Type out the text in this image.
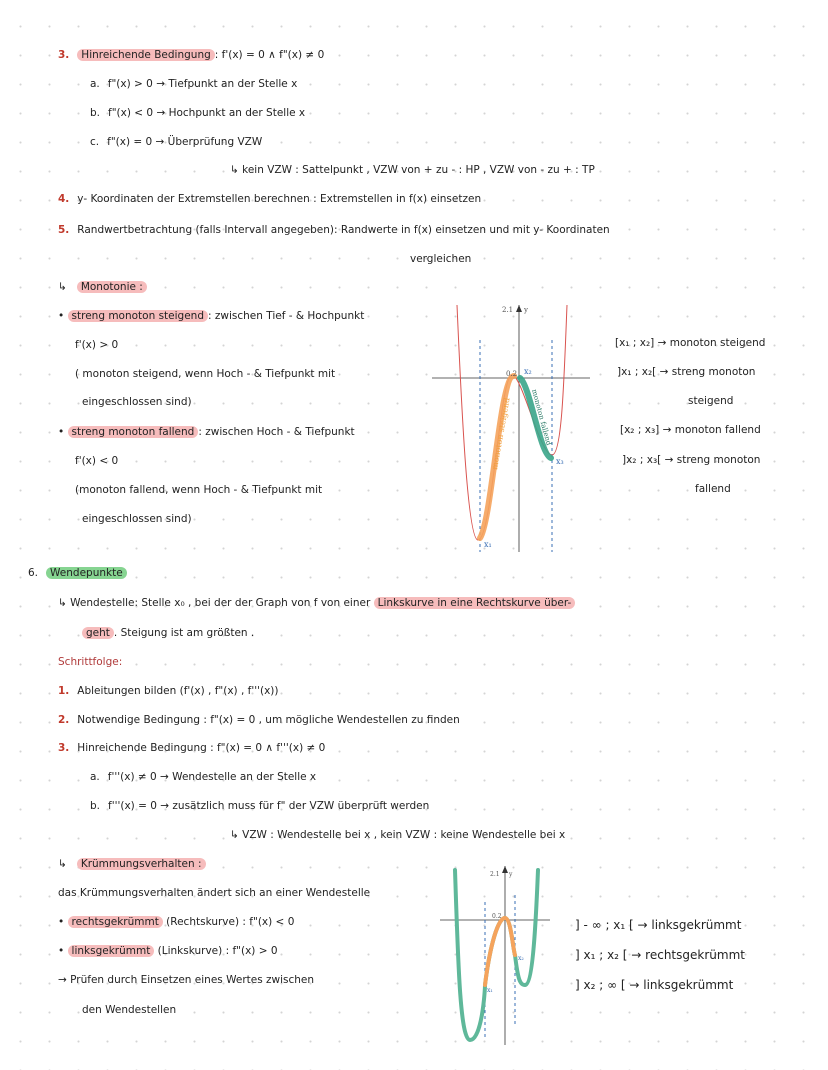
3. Hinreichende Bedingung : f'(x) = 0 ∧ f"(x) ≠ 0
a. f"(x) > 0 → Tiefpunkt an der Stelle x
b. f"(x) < 0 → Hochpunkt an der Stelle x
c. f"(x) = 0 → Überprüfung VZW
↳ kein VZW : Sattelpunkt , VZW von + zu - : HP , VZW von - zu + : TP
4. y- Koordinaten der Extremstellen berechnen : Extremstellen in f(x) einsetzen
5. Randwertbetrachtung (falls Intervall angegeben): Randwerte in f(x) einsetzen und mit y- Koordinaten
vergleichen
↳ Monotonie :
• streng monoton steigend : zwischen Tief - & Hochpunkt
f'(x) > 0
( monoton steigend, wenn Hoch - & Tiefpunkt mit
eingeschlossen sind)
• streng monoton fallend : zwischen Hoch - & Tiefpunkt
f'(x) < 0
(monoton fallend, wenn Hoch - & Tiefpunkt mit
eingeschlossen sind)
2.1 y
0.2
x₁
x₂
x₃
monoton steigend	monoton fallend
[x₁ ; x₂] → monoton steigend
]x₁ ; x₂[ → streng monoton
steigend
[x₂ ; x₃] → monoton fallend
]x₂ ; x₃[ → streng monoton
fallend
6. Wendepunkte
↳ Wendestelle: Stelle x₀ , bei der der Graph von f von einer Linkskurve in eine Rechtskurve über-
geht . Steigung ist am größten .
Schrittfolge:
1. Ableitungen bilden (f'(x) , f"(x) , f'''(x))
2. Notwendige Bedingung : f"(x) = 0 , um mögliche Wendestellen zu finden
3. Hinreichende Bedingung : f"(x) = 0 ∧ f'''(x) ≠ 0
a. f'''(x) ≠ 0 → Wendestelle an der Stelle x
b. f'''(x) = 0 → zusätzlich muss für f" der VZW überprüft werden
↳ VZW : Wendestelle bei x , kein VZW : keine Wendestelle bei x
↳ Krümmungsverhalten :
das Krümmungsverhalten ändert sich an einer Wendestelle
• rechtsgekrümmt (Rechtskurve) : f"(x) < 0
• linksgekrümmt (Linkskurve) : f"(x) > 0
→ Prüfen durch Einsetzen eines Wertes zwischen
den Wendestellen
2.1 y
0.2
x₁
x₂
] - ∞ ; x₁ [ → linksgekrümmt
] x₁ ; x₂ [ → rechtsgekrümmt
] x₂ ; ∞ [ → linksgekrümmt
